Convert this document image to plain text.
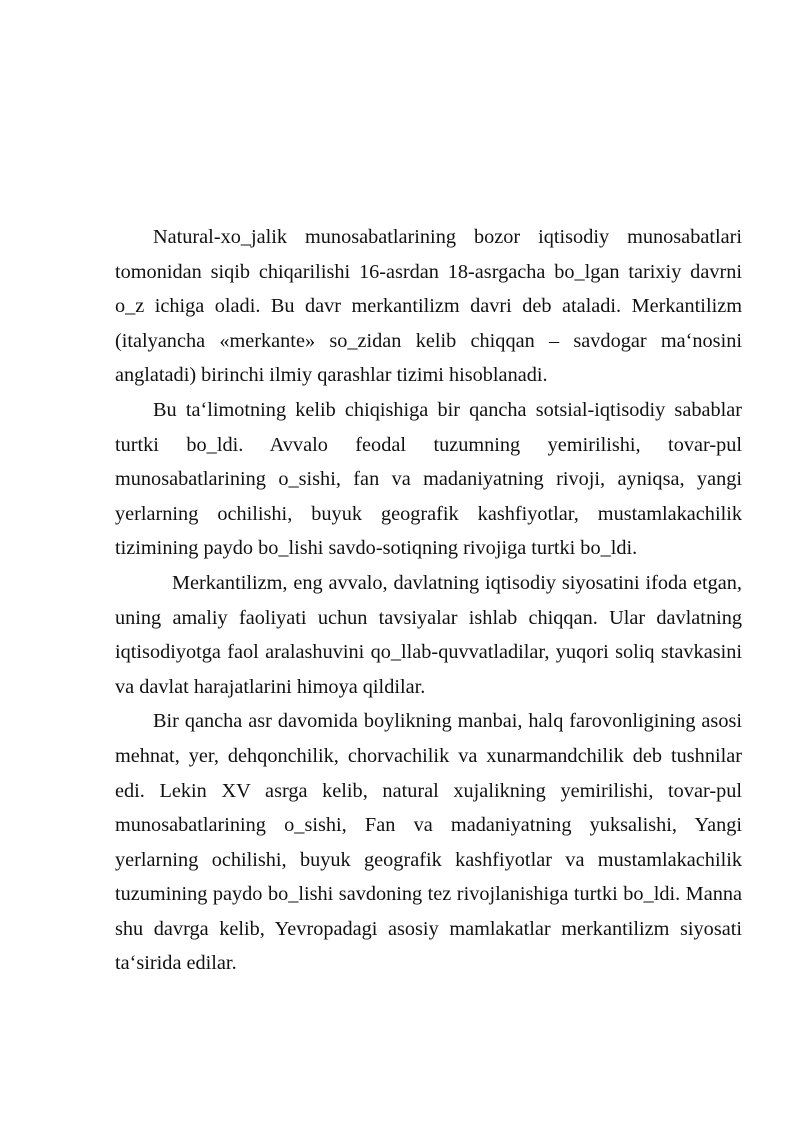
Natural-xo_jalik munosabatlarining bozor iqtisodiy munosabatlari tomonidan siqib chiqarilishi 16-asrdan 18-asrgacha bo_lgan tarixiy davrni o_z ichiga oladi. Bu davr merkantilizm davri deb ataladi. Merkantilizm (italyancha «merkante» so_zidan kelib chiqqan – savdogar ma‘nosini anglatadi) birinchi ilmiy qarashlar tizimi hisoblanadi.

Bu ta‘limotning kelib chiqishiga bir qancha sotsial-iqtisodiy sabablar turtki bo_ldi. Avvalo feodal tuzumning yemirilishi, tovar-pul munosabatlarining o_sishi, fan va madaniyatning rivoji, ayniqsa, yangi yerlarning ochilishi, buyuk geografik kashfiyotlar, mustamlakachilik tizimining paydo bo_lishi savdo-sotiqning rivojiga turtki bo_ldi.

Merkantilizm, eng avvalo, davlatning iqtisodiy siyosatini ifoda etgan, uning amaliy faoliyati uchun tavsiyalar ishlab chiqqan. Ular davlatning iqtisodiyotga faol aralashuvini qo_llab-quvvatladilar, yuqori soliq stavkasini va davlat harajatlarini himoya qildilar.

Bir qancha asr davomida boylikning manbai, halq farovonligining asosi mehnat, yer, dehqonchilik, chorvachilik va xunarmandchilik deb tushnilar edi. Lekin XV asrga kelib, natural xujalikning yemirilishi, tovar-pul munosabatlarining o_sishi, Fan va madaniyatning yuksalishi, Yangi yerlarning ochilishi, buyuk geografik kashfiyotlar va mustamlakachilik tuzumining paydo bo_lishi savdoning tez rivojlanishiga turtki bo_ldi. Manna shu davrga kelib, Yevropadagi asosiy mamlakatlar merkantilizm siyosati ta‘sirida edilar.
